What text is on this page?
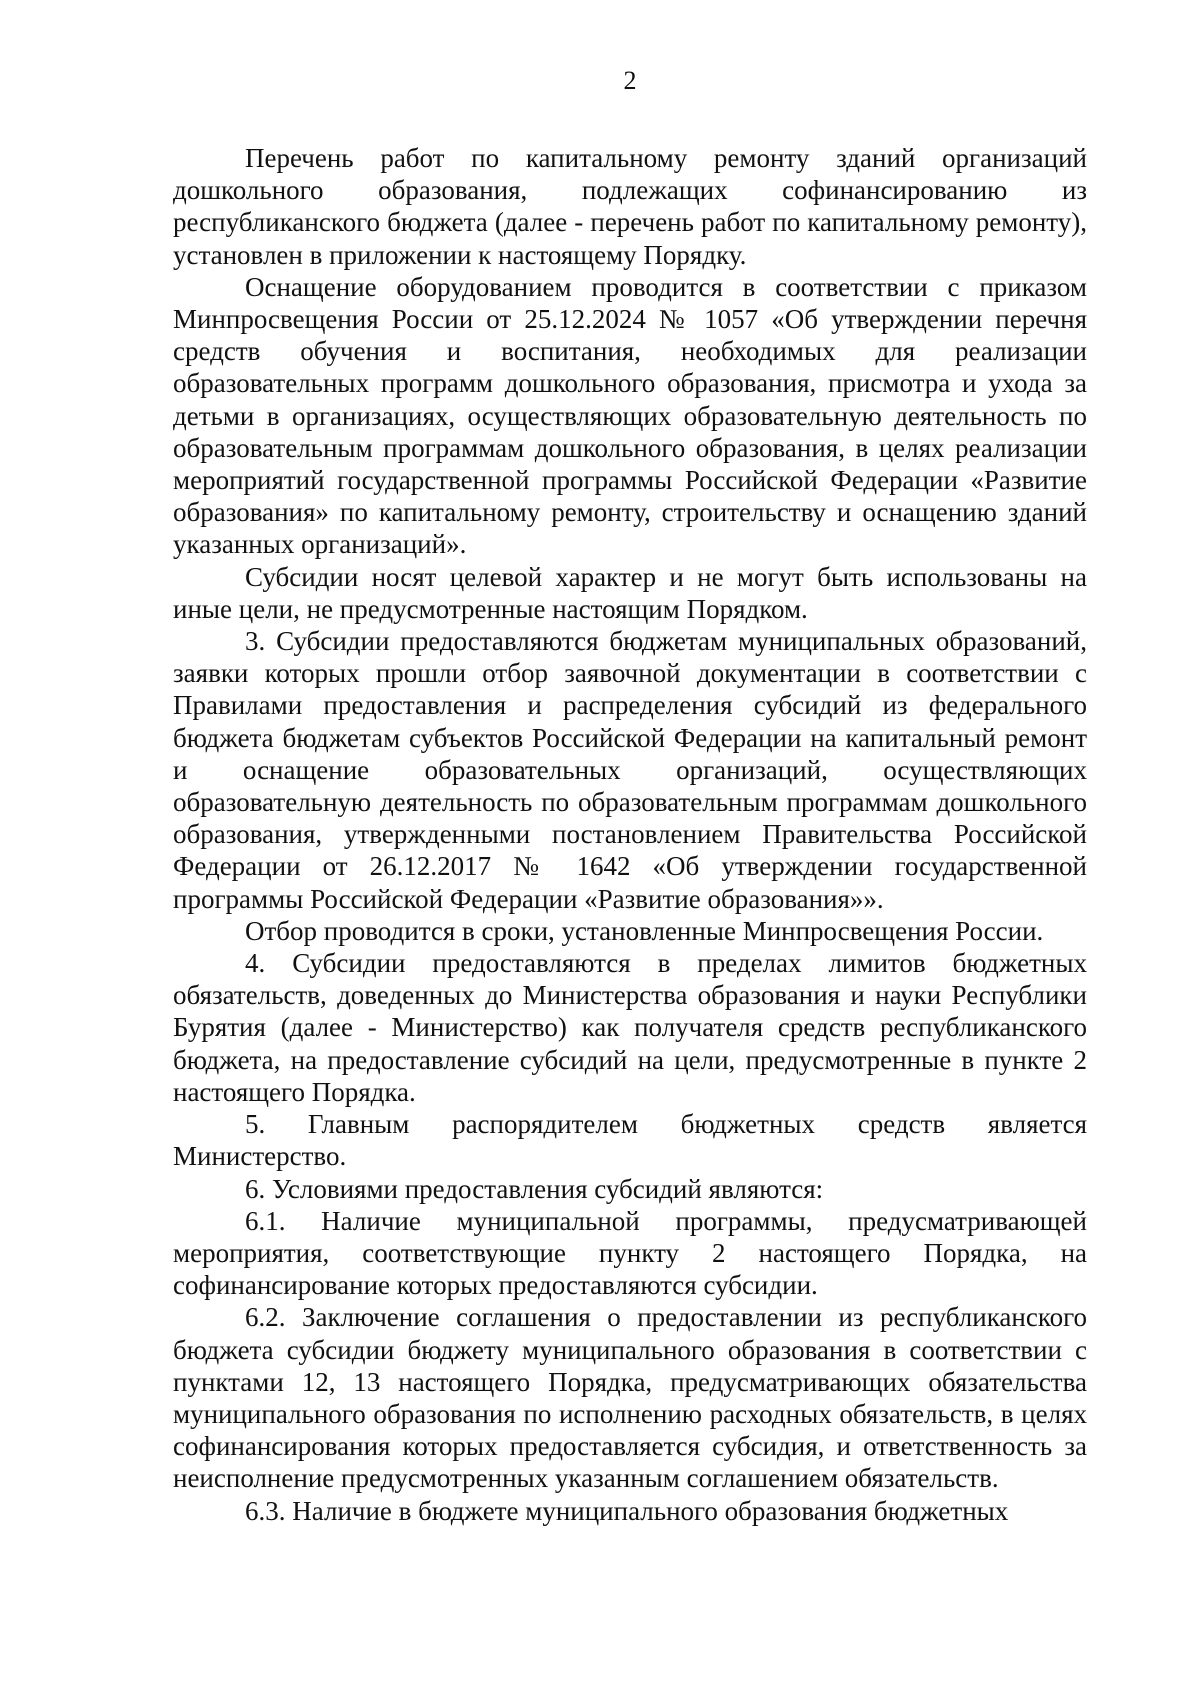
2

Перечень работ по капитальному ремонту зданий организаций дошкольного образования, подлежащих софинансированию из республиканского бюджета (далее - перечень работ по капитальному ремонту), установлен в приложении к настоящему Порядку.

Оснащение оборудованием проводится в соответствии с приказом Минпросвещения России от 25.12.2024 № 1057 «Об утверждении перечня средств обучения и воспитания, необходимых для реализации образовательных программ дошкольного образования, присмотра и ухода за детьми в организациях, осуществляющих образовательную деятельность по образовательным программам дошкольного образования, в целях реализации мероприятий государственной программы Российской Федерации «Развитие образования» по капитальному ремонту, строительству и оснащению зданий указанных организаций».

Субсидии носят целевой характер и не могут быть использованы на иные цели, не предусмотренные настоящим Порядком.

3. Субсидии предоставляются бюджетам муниципальных образований, заявки которых прошли отбор заявочной документации в соответствии с Правилами предоставления и распределения субсидий из федерального бюджета бюджетам субъектов Российской Федерации на капитальный ремонт и оснащение образовательных организаций, осуществляющих образовательную деятельность по образовательным программам дошкольного образования, утвержденными постановлением Правительства Российской Федерации от 26.12.2017 № 1642 «Об утверждении государственной программы Российской Федерации «Развитие образования»».

Отбор проводится в сроки, установленные Минпросвещения России.

4. Субсидии предоставляются в пределах лимитов бюджетных обязательств, доведенных до Министерства образования и науки Республики Бурятия (далее - Министерство) как получателя средств республиканского бюджета, на предоставление субсидий на цели, предусмотренные в пункте 2 настоящего Порядка.

5. Главным распорядителем бюджетных средств является Министерство.

6. Условиями предоставления субсидий являются:

6.1. Наличие муниципальной программы, предусматривающей мероприятия, соответствующие пункту 2 настоящего Порядка, на софинансирование которых предоставляются субсидии.

6.2. Заключение соглашения о предоставлении из республиканского бюджета субсидии бюджету муниципального образования в соответствии с пунктами 12, 13 настоящего Порядка, предусматривающих обязательства муниципального образования по исполнению расходных обязательств, в целях софинансирования которых предоставляется субсидия, и ответственность за неисполнение предусмотренных указанным соглашением обязательств.

6.3. Наличие в бюджете муниципального образования бюджетных
